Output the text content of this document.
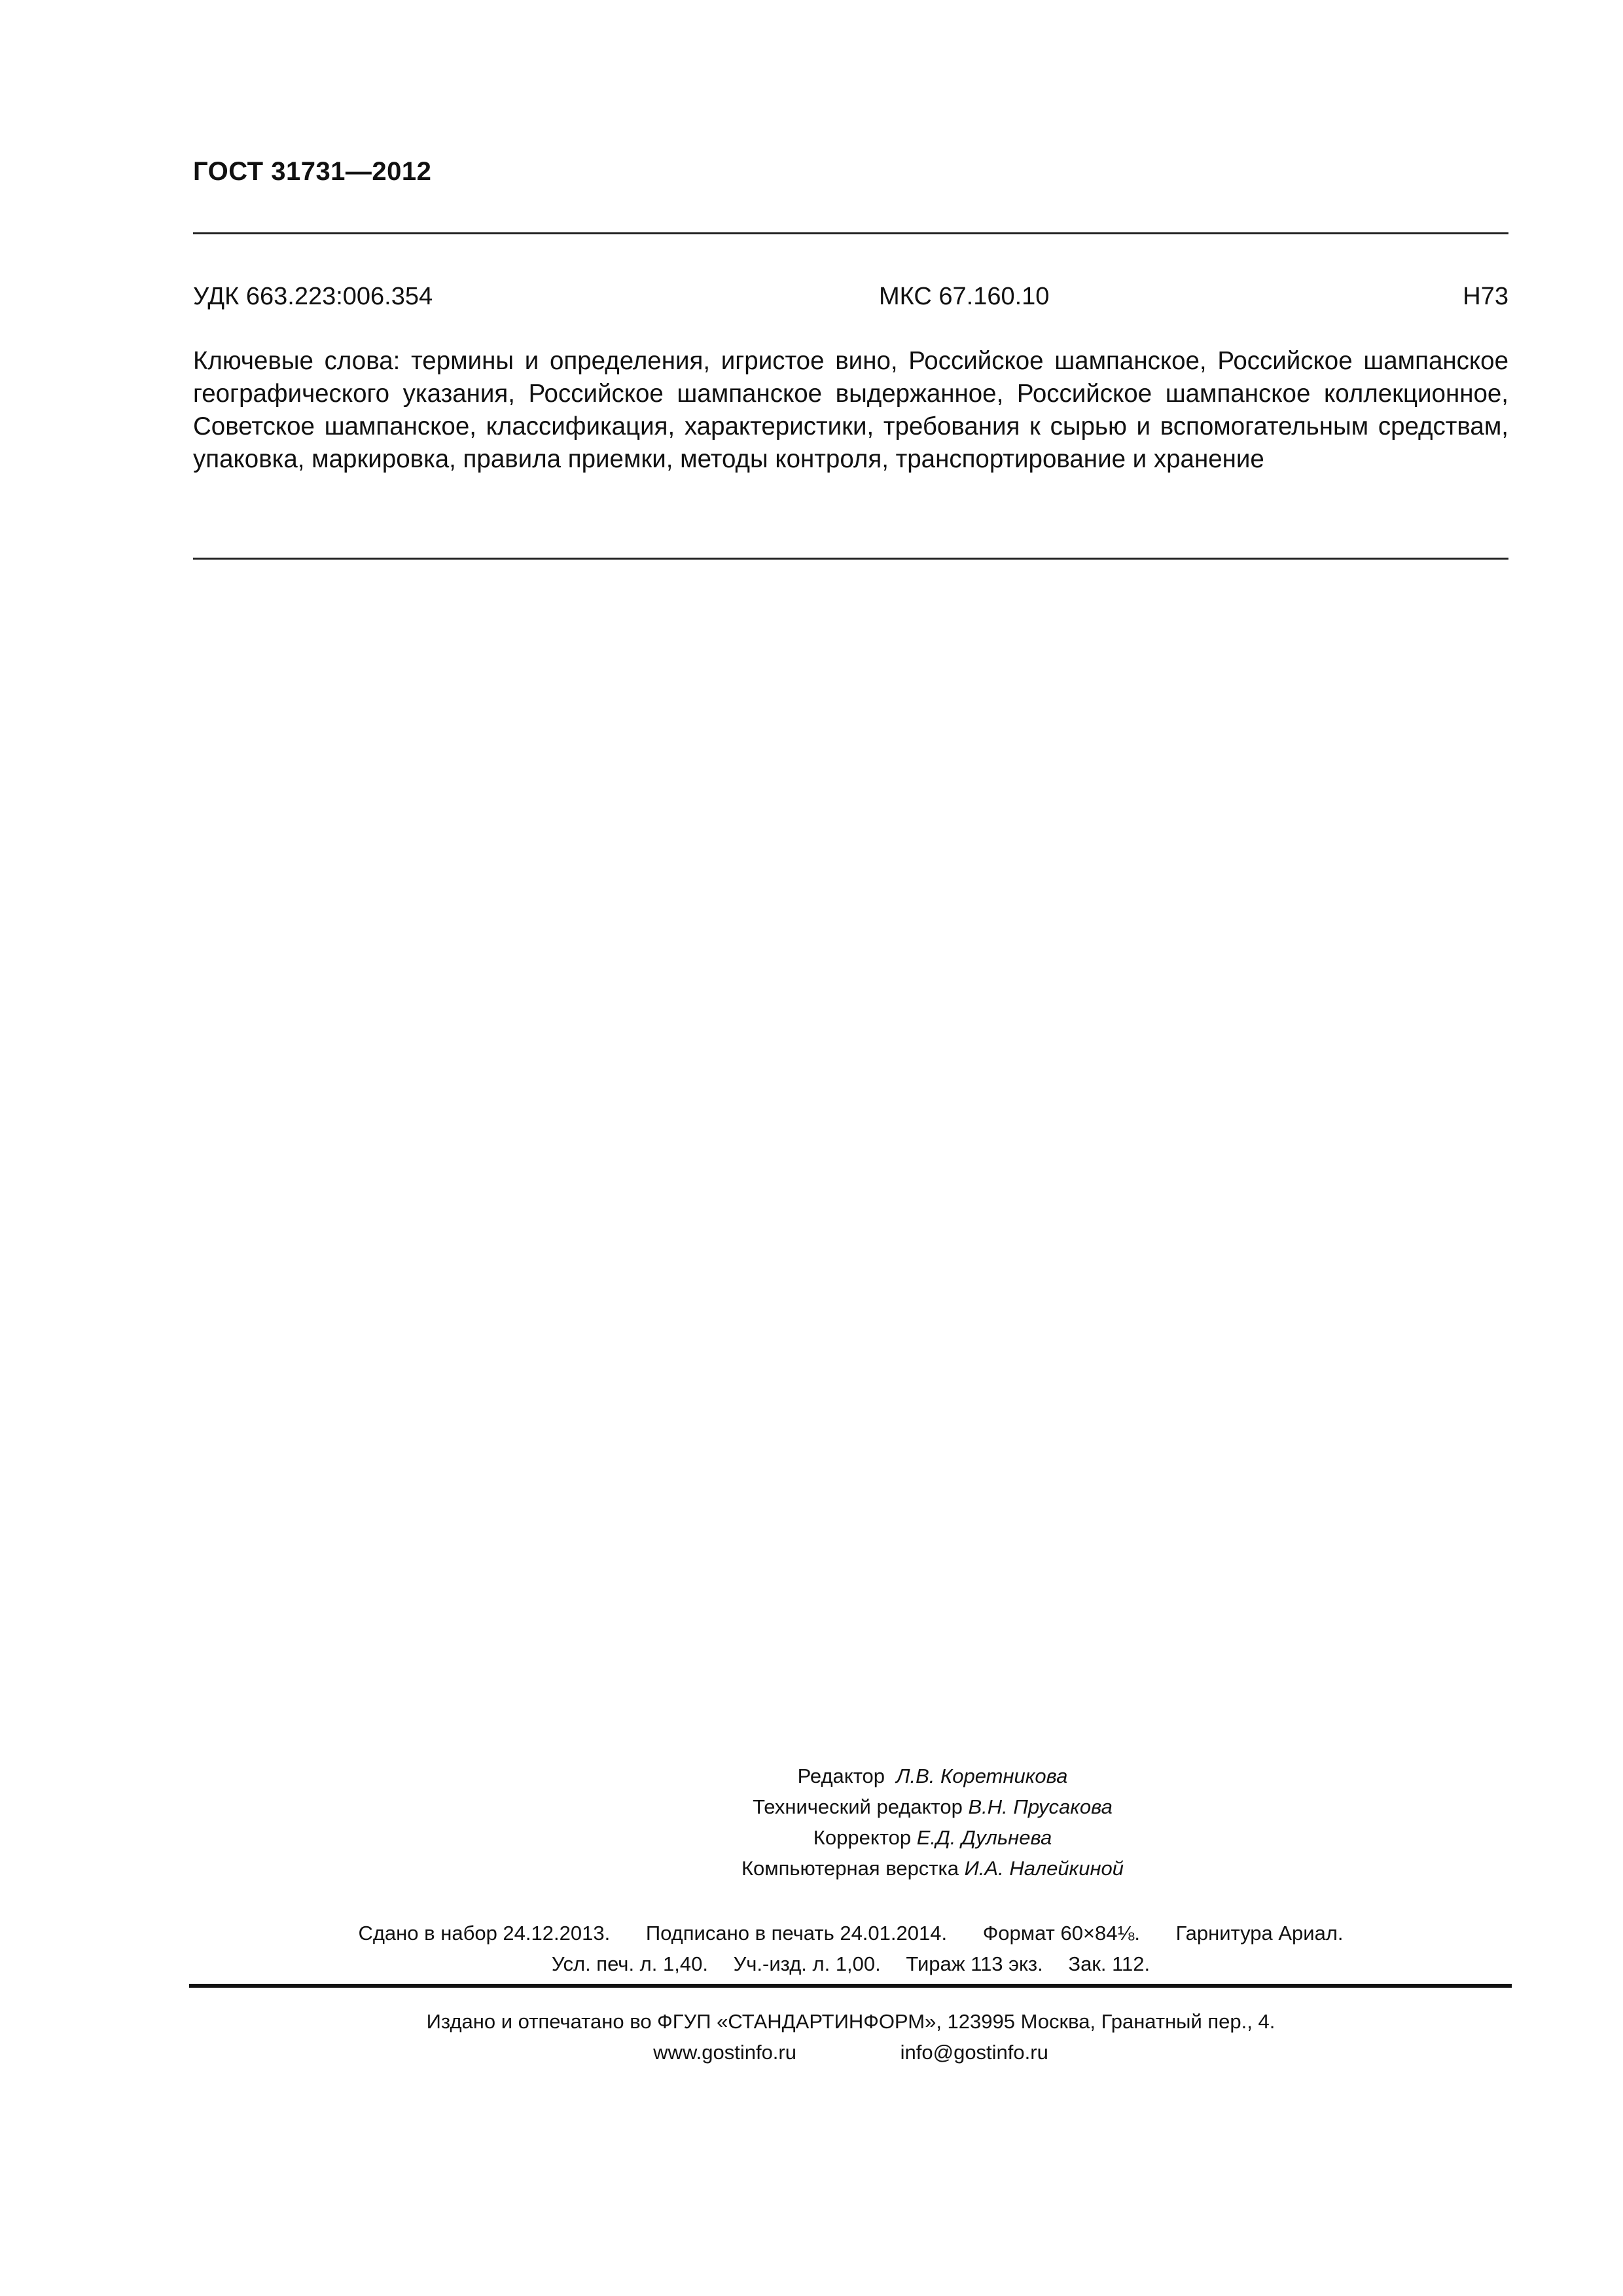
ГОСТ 31731—2012
УДК 663.223:006.354	МКС 67.160.10	Н73
Ключевые слова: термины и определения, игристое вино, Российское шампанское, Российское шампанское географического указания, Российское шампанское выдержанное, Российское шампанское коллекционное, Советское шампанское, классификация, характеристики, требования к сырью и вспомогательным средствам, упаковка, маркировка, правила приемки, методы контроля, транспортирование и хранение
Редактор Л.В. Коретникова
Технический редактор В.Н. Прусакова
Корректор Е.Д. Дульнева
Компьютерная верстка И.А. Налейкиной
Сдано в набор 24.12.2013. Подписано в печать 24.01.2014. Формат 60×84⅛. Гарнитура Ариал.
Усл. печ. л. 1,40. Уч.-изд. л. 1,00. Тираж 113 экз. Зак. 112.
Издано и отпечатано во ФГУП «СТАНДАРТИНФОРМ», 123995 Москва, Гранатный пер., 4.
www.gostinfo.ru	info@gostinfo.ru
